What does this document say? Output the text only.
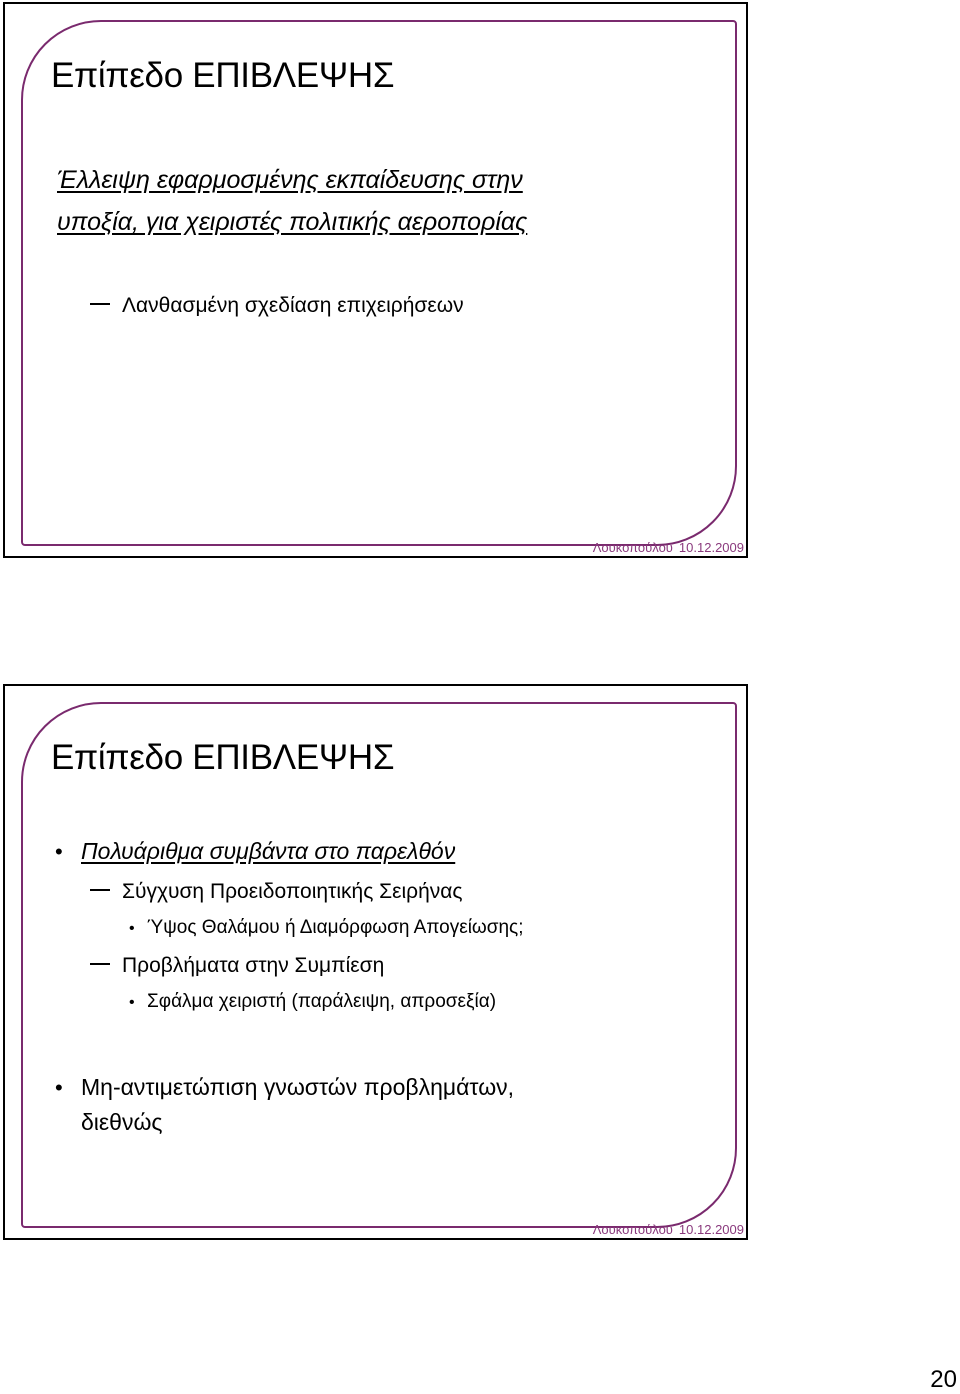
Επίπεδο ΕΠΙΒΛΕΨΗΣ
Έλλειψη εφαρμοσμένης εκπαίδευσης στην
υποξία, για χειριστές πολιτικής αεροπορίας
Λανθασμένη σχεδίαση επιχειρήσεων
Λουκοπούλου 10.12.2009
Επίπεδο ΕΠΙΒΛΕΨΗΣ
•Πολυάριθμα συμβάντα στο παρελθόν
Σύγχυση Προειδοποιητικής Σειρήνας
•Ύψος Θαλάμου ή Διαμόρφωση Απογείωσης;
Προβλήματα στην Συμπίεση
•Σφάλμα χειριστή (παράλειψη, απροσεξία)
•Μη-αντιμετώπιση γνωστών προβλημάτων,
διεθνώς
Λουκοπούλου 10.12.2009
20
